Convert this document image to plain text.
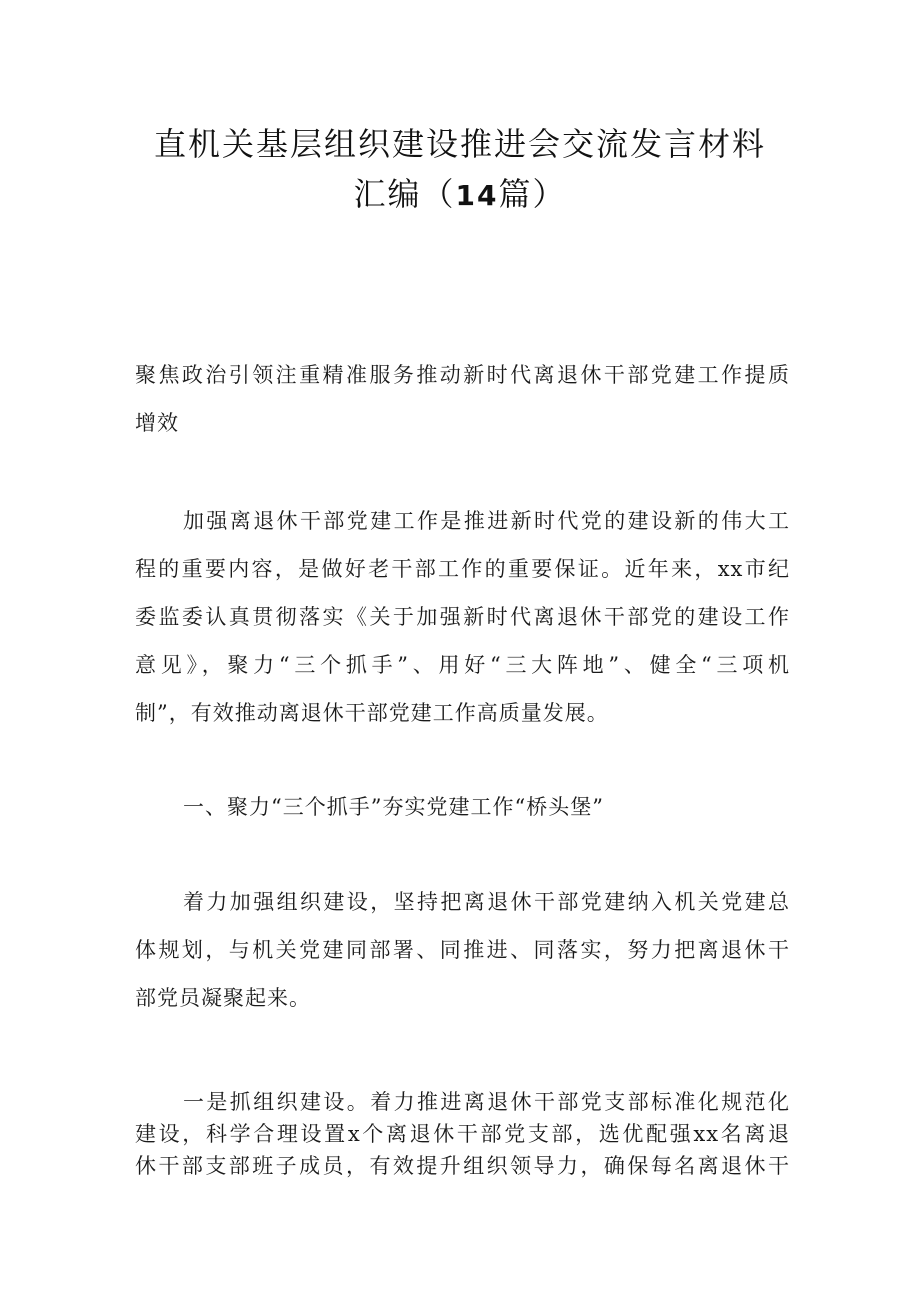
直机关基层组织建设推进会交流发言材料
汇编（14篇）
聚焦政治引领注重精准服务推动新时代离退休干部党建工作提质
增效
加强离退休干部党建工作是推进新时代党的建设新的伟大工
程的重要内容，是做好老干部工作的重要保证。近年来，xx市纪
委监委认真贯彻落实《关于加强新时代离退休干部党的建设工作
意见》，聚力“三个抓手”、用好“三大阵地”、健全“三项机
制”，有效推动离退休干部党建工作高质量发展。
一、聚力“三个抓手”夯实党建工作“桥头堡”
着力加强组织建设，坚持把离退休干部党建纳入机关党建总
体规划，与机关党建同部署、同推进、同落实，努力把离退休干
部党员凝聚起来。
一是抓组织建设。着力推进离退休干部党支部标准化规范化
建设，科学合理设置x个离退休干部党支部，选优配强xx名离退
休干部支部班子成员，有效提升组织领导力，确保每名离退休干
